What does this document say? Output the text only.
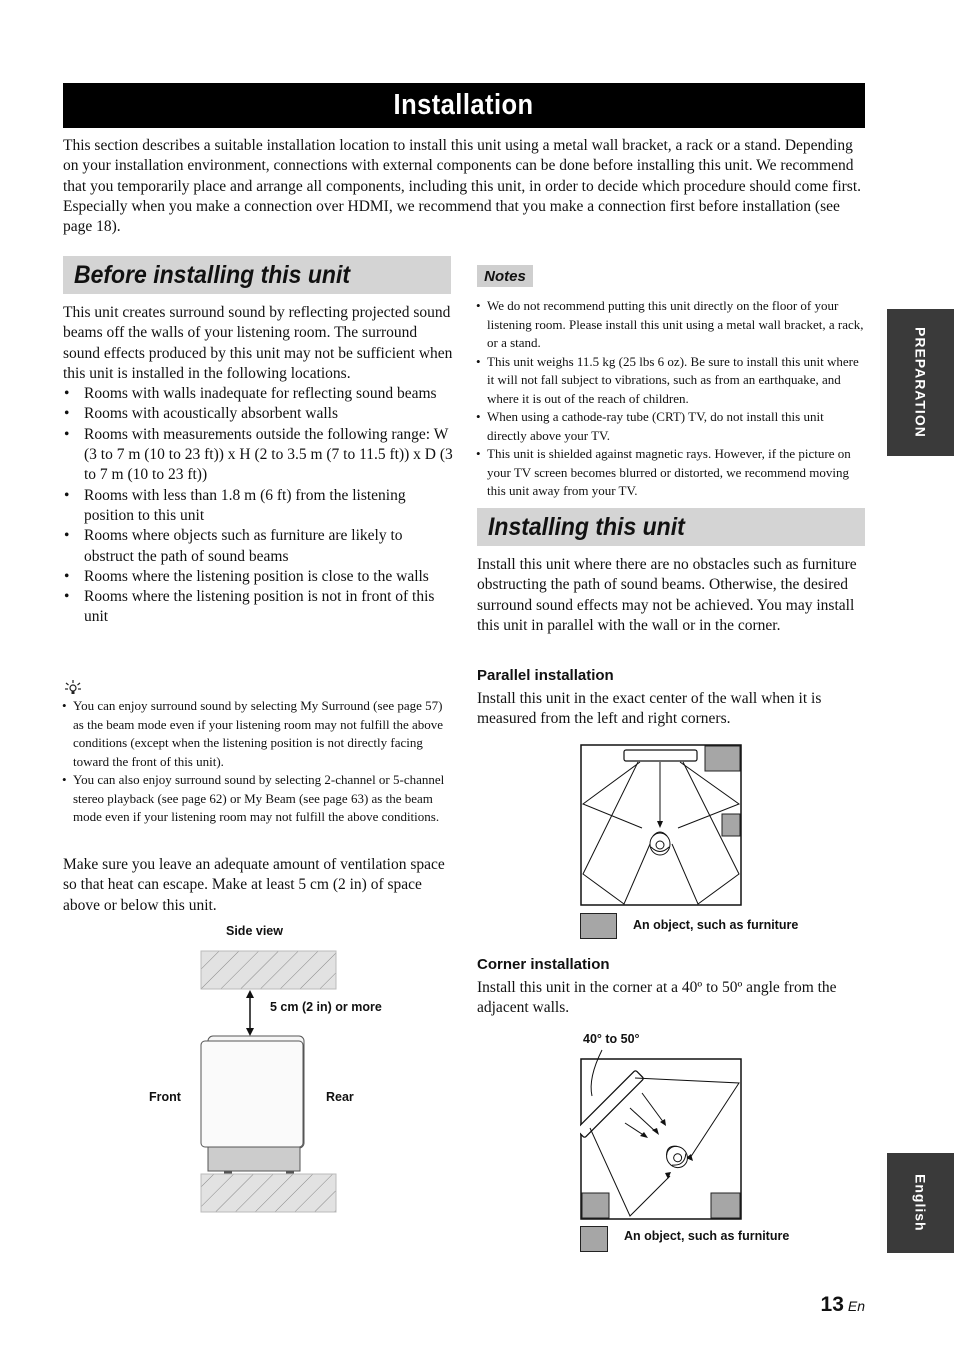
Installation
This section describes a suitable installation location to install this unit using a metal wall bracket, a rack or a stand. Depending on your installation environment, connections with external components can be done before installing this unit. We recommend that you temporarily place and arrange all components, including this unit, in order to decide which procedure should come first. Especially when you make a connection over HDMI, we recommend that you make a connection first before installation (see page 18).
Before installing this unit
This unit creates surround sound by reflecting projected sound beams off the walls of your listening room. The surround sound effects produced by this unit may not be sufficient when this unit is installed in the following locations.
• Rooms with walls inadequate for reflecting sound beams
• Rooms with acoustically absorbent walls
• Rooms with measurements outside the following range: W (3 to 7 m (10 to 23 ft)) x H (2 to 3.5 m (7 to 11.5 ft)) x D (3 to 7 m (10 to 23 ft))
• Rooms with less than 1.8 m (6 ft) from the listening position to this unit
• Rooms where objects such as furniture are likely to obstruct the path of sound beams
• Rooms where the listening position is close to the walls
• Rooms where the listening position is not in front of this unit
• You can enjoy surround sound by selecting My Surround (see page 57) as the beam mode even if your listening room may not fulfill the above conditions (except when the listening position is not directly facing toward the front of this unit).
• You can also enjoy surround sound by selecting 2-channel or 5-channel stereo playback (see page 62) or My Beam (see page 63) as the beam mode even if your listening room may not fulfill the above conditions.
Make sure you leave an adequate amount of ventilation space so that heat can escape. Make at least 5 cm (2 in) of space above or below this unit.
Side view
5 cm (2 in) or more
Front	Rear
Notes
• We do not recommend putting this unit directly on the floor of your listening room. Please install this unit using a metal wall bracket, a rack, or a stand.
• This unit weighs 11.5 kg (25 lbs 6 oz). Be sure to install this unit where it will not fall subject to vibrations, such as from an earthquake, and where it is out of the reach of children.
• When using a cathode-ray tube (CRT) TV, do not install this unit directly above your TV.
• This unit is shielded against magnetic rays. However, if the picture on your TV screen becomes blurred or distorted, we recommend moving this unit away from your TV.
Installing this unit
Install this unit where there are no obstacles such as furniture obstructing the path of sound beams. Otherwise, the desired surround sound effects may not be achieved. You may install this unit in parallel with the wall or in the corner.
Parallel installation
Install this unit in the exact center of the wall when it is measured from the left and right corners.
An object, such as furniture
Corner installation
Install this unit in the corner at a 40º to 50º angle from the adjacent walls.
40° to 50°
An object, such as furniture
PREPARATION
English
13 En
